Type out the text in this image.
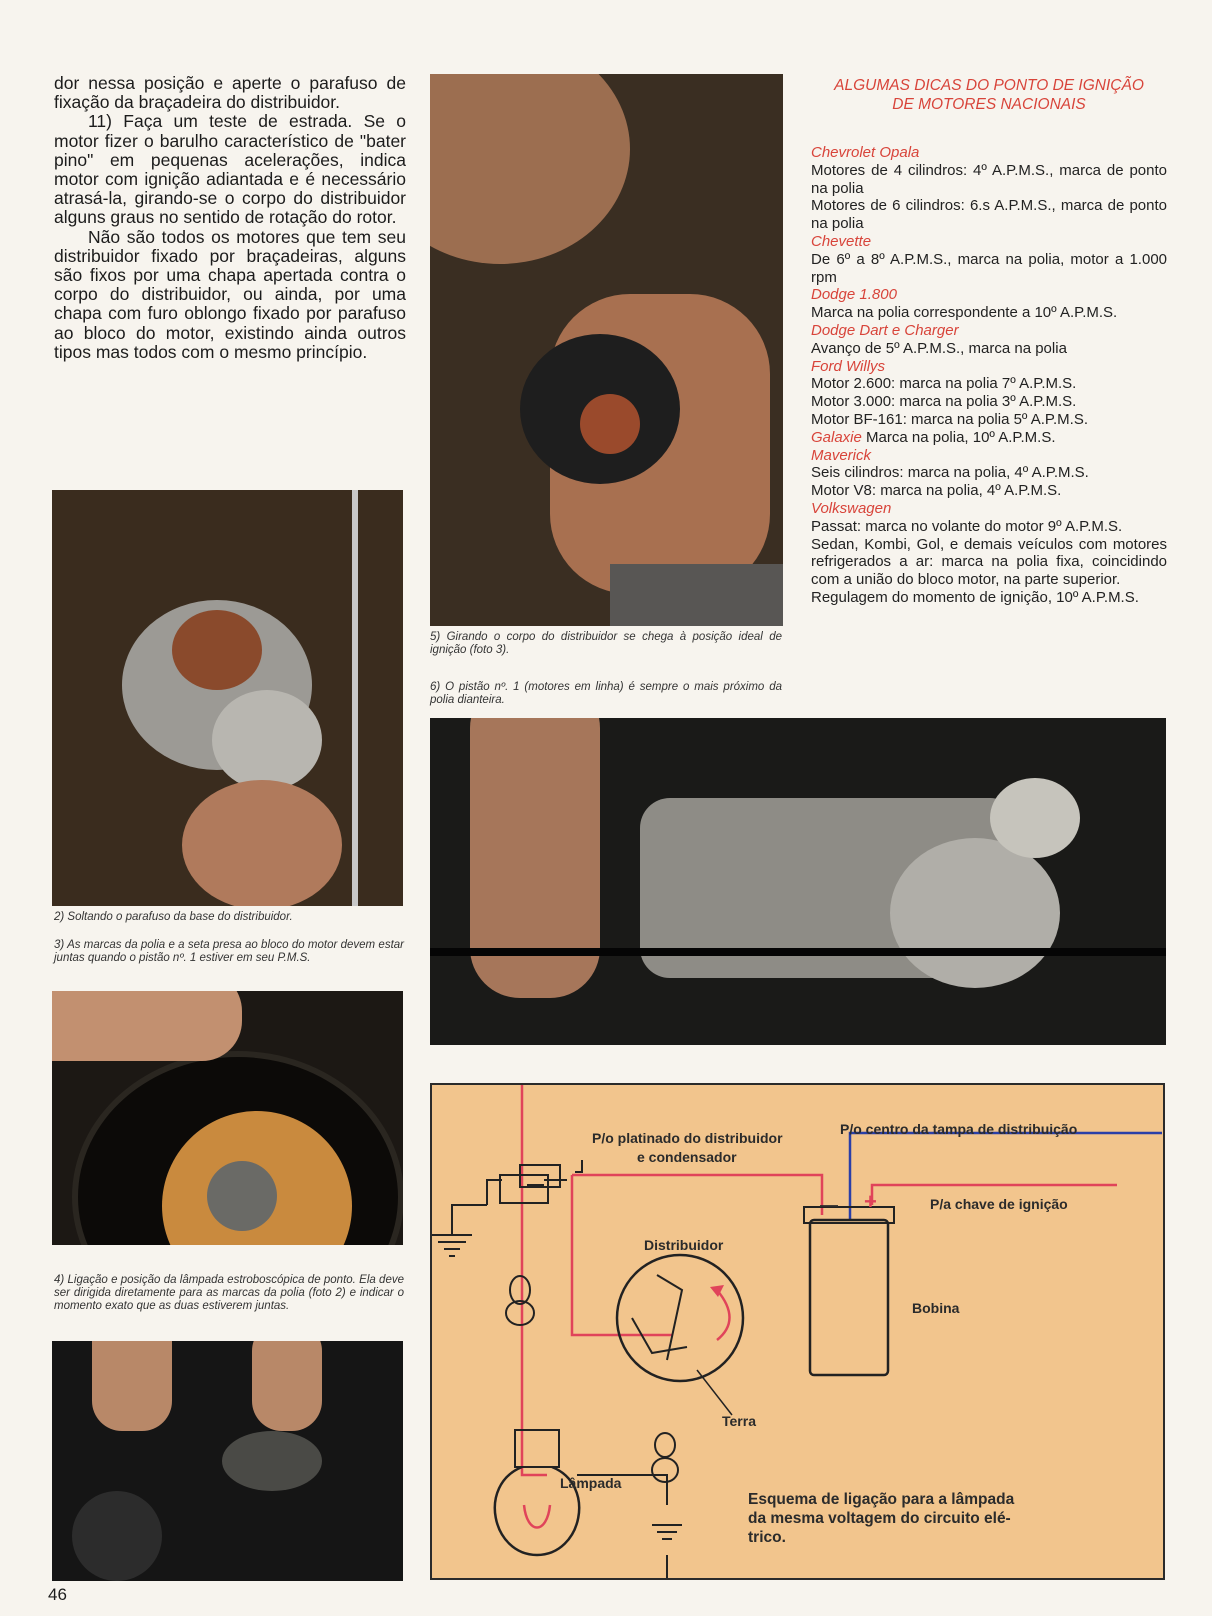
dor nessa posição e aperte o parafuso de fixação da braçadeira do distribuidor.

11) Faça um teste de estrada. Se o motor fizer o barulho característico de "bater pino" em pequenas acelerações, indica motor com ignição adiantada e é necessário atrasá-la, girando-se o corpo do distribuidor alguns graus no sentido de rotação do rotor.

Não são todos os motores que tem seu distribuidor fixado por braçadeiras, alguns são fixos por uma chapa apertada contra o corpo do distribuidor, ou ainda, por uma chapa com furo oblongo fixado por parafuso ao bloco do motor, existindo ainda outros tipos mas todos com o mesmo princípio.

2) Soltando o parafuso da base do distribuidor.
3) As marcas da polia e a seta presa ao bloco do motor devem estar juntas quando o pistão nº. 1 estiver em seu P.M.S.
4) Ligação e posição da lâmpada estroboscópica de ponto. Ela deve ser dirigida diretamente para as marcas da polia (foto 2) e indicar o momento exato que as duas estiverem juntas.
5) Girando o corpo do distribuidor se chega à posição ideal de ignição (foto 3).
6) O pistão nº. 1 (motores em linha) é sempre o mais próximo da polia dianteira.
ALGUMAS DICAS DO PONTO DE IGNIÇÃO
DE MOTORES NACIONAIS
Chevrolet Opala
Motores de 4 cilindros: 4º A.P.M.S., marca de ponto na polia
Motores de 6 cilindros: 6.s A.P.M.S., marca de ponto na polia
Chevette
De 6º a 8º A.P.M.S., marca na polia, motor a 1.000 rpm
Dodge 1.800
Marca na polia correspondente a 10º A.P.M.S.
Dodge Dart e Charger
Avanço de 5º A.P.M.S., marca na polia
Ford Willys
Motor 2.600: marca na polia 7º A.P.M.S.
Motor 3.000: marca na polia 3º A.P.M.S.
Motor BF-161: marca na polia 5º A.P.M.S.
Galaxie Marca na polia, 10º A.P.M.S.
Maverick
Seis cilindros: marca na polia, 4º A.P.M.S.
Motor V8: marca na polia, 4º A.P.M.S.
Volkswagen
Passat: marca no volante do motor 9º A.P.M.S.
Sedan, Kombi, Gol, e demais veículos com motores refrigerados a ar: marca na polia fixa, coincidindo com a união do bloco motor, na parte superior.
Regulagem do momento de ignição, 10º A.P.M.S.
P/o platinado do distribuidor
e condensador
P/o centro da tampa de distribuição
P/a chave de ignição
— +
Distribuidor
Bobina
Terra
Lâmpada
Esquema de ligação para a lâmpada
da mesma voltagem do circuito elé-
trico.
46
